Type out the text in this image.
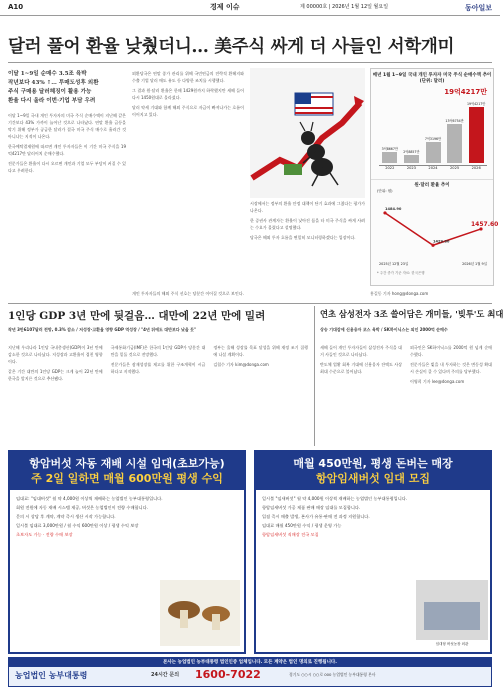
A10	경제 이슈	제 00000호 | 2026년 1월 12일 월요일	동아일보
달러 풀어 환율 낮췄더니… 美주식 싸게 더 사들인 서학개미
이달 1~9일 순매수 3.5조 육박
작년보다 43% ↑… 투매도성후 외환
주식 구매용 달러헤징이 활용 가능
환율 다시 올라 이번·기업 부담 우려

이달 1~9일 국내 개인 투자자의 미국 주식 순매수액이 지난해 같은 기간보다 43% 가까이 늘어난 것으로 나타났다. 연말 환율 급등을 막기 위해 정부가 공급한 달러가 결국 미국 주식 매수로 흘러간 것 아니냐는 지적이 나온다.

한국예탁결제원에 따르면 개인 투자자들은 이 기간 미국 주식을 19억4217만 달러어치 순매수했다.

전문가들은 환율이 다시 오르면 개인과 기업 모두 부담이 커질 수 있다고 우려한다.

외환당국은 연말 종가 관리를 위해 국민연금의 전략적 환헤지와 수출 기업 달러 매도 유도 등 다양한 조치를 시행했다.

그 결과 원·달러 환율은 한때 1429원까지 하락했지만 새해 들어 다시 1450원대로 올라섰다.

달러 약세 기대와 함께 해외 주식으로 자금이 빠져나가는 흐름이 이어지고 있다.

시장에서는 정부의 환율 안정 대책이 단기 효과에 그쳤다는 평가가 나온다.

한 증권사 관계자는 환율이 낮아진 틈을 타 미국 주식을 싸게 사려는 수요가 몰렸다고 설명했다.

당국은 해외 투자 흐름을 면밀히 모니터링하겠다는 입장이다.

매년 1월 1~9일 국내 개인 투자자 미국 주식 순매수액 추이 (단위: 달러)
19억4217만
3억8667만
2억8857만
7억3196만
13억6754만
19억4217만
2022	2023	2024	2025	2026
원·달러 환율 추이
(단위: 원)
1484.90
1429.80
1457.60
2025년 12월 23일	2026년 1월 9일
* 주간 종가 기준 자료: 한국은행
홍길동 기자 hong@donga.com

개인 투자자들의 해외 주식 선호는 당분간 이어질 것으로 보인다.

1인당 GDP 3년 만에 뒷걸음… 대만에 22년 만에 밀려
작년 3만6107달러 전망, 0.3% 감소 / 저성장·고환율 영향 GDP 역성장 / "4년 뒤에도 대만보다 낮을 듯"

지난해 우리나라 1인당 국내총생산(GDP)이 3년 만에 감소한 것으로 나타났다. 저성장과 고환율이 겹친 영향이다.

같은 기간 대만의 1인당 GDP는 크게 늘어 22년 만에 한국을 앞지른 것으로 추산됐다.

국제통화기금(IMF)은 한국의 1인당 GDP가 당분간 대만을 밑돌 것으로 전망했다.

전문가들은 잠재성장률 제고를 위한 구조개혁이 시급하다고 지적했다.

정부는 올해 성장률 목표 달성을 위해 재정 조기 집행에 나설 계획이다.

김철수 기자 kim@donga.com

연초 삼성전자 3조 쓸어담은 개미들, '빚투'도 최대
상승 기대감에 신용융자 코스 육박 / SK하이닉스는 외인 2000억 순매수

새해 들어 개인 투자자들이 삼성전자 주식을 대거 사들인 것으로 나타났다.

반도체 업황 회복 기대에 신용융자 잔액도 사상 최대 수준으로 불어났다.

외국인은 SK하이닉스를 2000억 원 넘게 순매수했다.

전문가들은 빚을 내 투자하는 것은 변동성 확대 시 손실이 클 수 있다며 주의를 당부했다.

이영희 기자 lee@donga.com

항암버섯 자동 재배 시설 임대(초보가능)
주 2일 일하면 매월 600만원 평생 수익

임대료: "임대버섯" 월 약 4,000원 이상씩 재배하는 농업법인 농부대통령입니다.

회원 전원에 자동 재배 시스템 제공, 버섯은 농업법인이 전량 수매합니다.

문의 시 상담 후 계약, 계약 즉시 생산 시작 가능합니다.

일시불 임대료 3,000만원 / 월 수익 600만원 이상 / 평생 수익 보장

초보자도 가능 · 전량 수매 보장

매월 450만원, 평생 돈버는 매장
항암임새버섯 임대 모집

일시불 "임새버섯" 월 약 4,000원 이상씩 재배하는 농업법인 농부대통령입니다.

항암임새버섯 가공 제품 판매 매장 임대를 모집합니다.

입점 즉시 매출 발생, 본사가 유통·판매 전 과정 지원합니다.

임대료 매월 450만원 수익 / 평생 운영 가능

항암임새버섯 직매장 전국 모집

임대형 버섯농장 외관
본사는 농업법인 농부대통령 법인인증 업체입니다. 모든 계약은 법인 명의로 진행됩니다.
농업법인 농부대통령	24시간 문의 1600-7022	경기도 ○○시 ○○로 000 농업법인 농부대통령 본사
